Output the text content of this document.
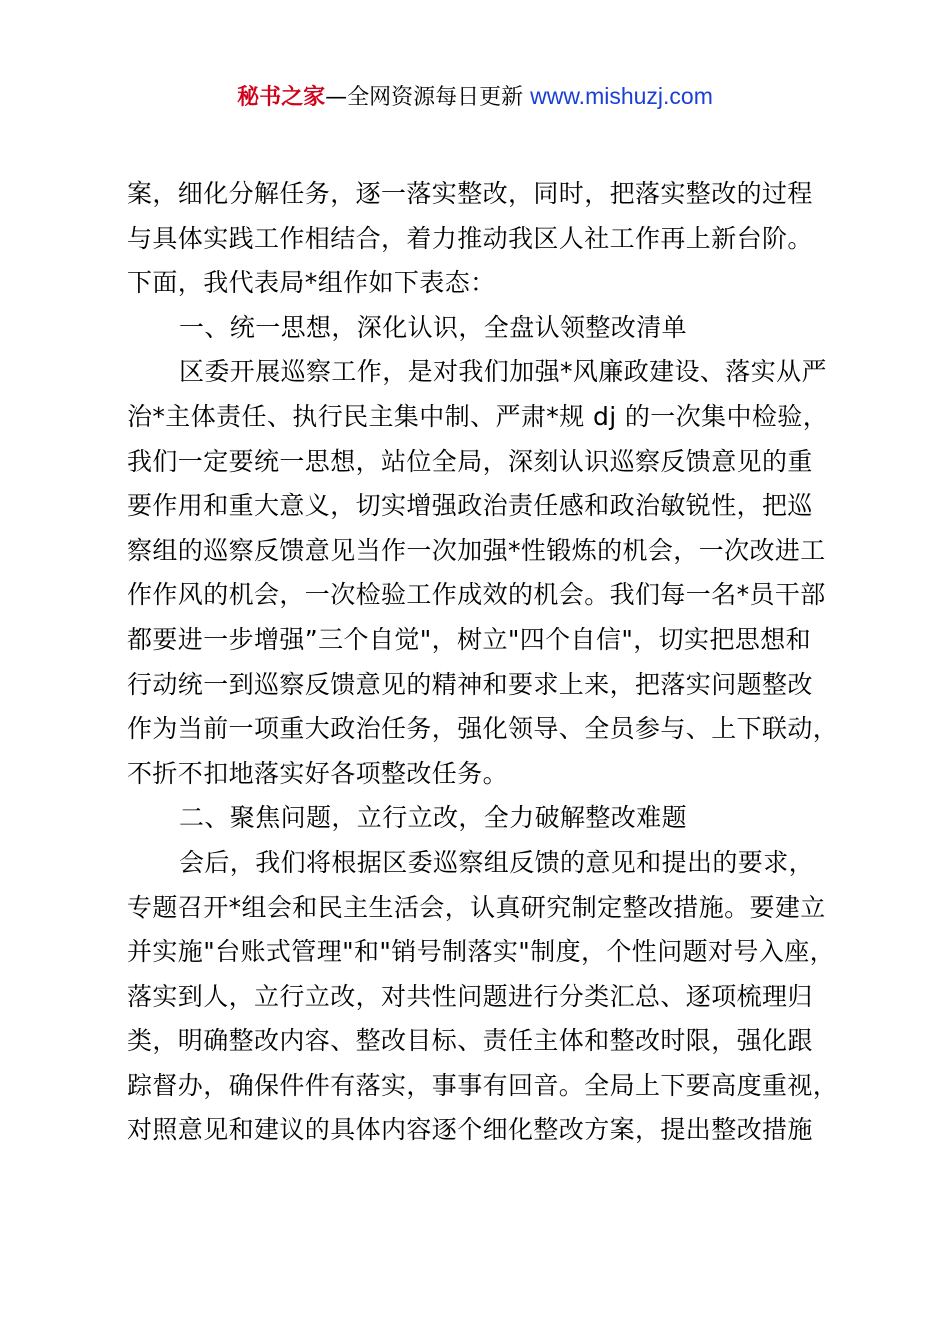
秘书之家—全网资源每日更新 www.mishuzj.com
案，细化分解任务，逐一落实整改，同时，把落实整改的过程
与具体实践工作相结合，着力推动我区人社工作再上新台阶。
下面，我代表局*组作如下表态：
一、统一思想，深化认识，全盘认领整改清单
区委开展巡察工作，是对我们加强*风廉政建设、落实从严
治*主体责任、执行民主集中制、严肃*规 dj 的一次集中检验，
我们一定要统一思想，站位全局，深刻认识巡察反馈意见的重
要作用和重大意义，切实增强政治责任感和政治敏锐性，把巡
察组的巡察反馈意见当作一次加强*性锻炼的机会，一次改进工
作作风的机会，一次检验工作成效的机会。我们每一名*员干部
都要进一步增强”三个自觉"，树立"四个自信"，切实把思想和
行动统一到巡察反馈意见的精神和要求上来，把落实问题整改
作为当前一项重大政治任务，强化领导、全员参与、上下联动，
不折不扣地落实好各项整改任务。
二、聚焦问题，立行立改，全力破解整改难题
会后，我们将根据区委巡察组反馈的意见和提出的要求，
专题召开*组会和民主生活会，认真研究制定整改措施。要建立
并实施"台账式管理"和"销号制落实"制度，个性问题对号入座，
落实到人，立行立改，对共性问题进行分类汇总、逐项梳理归
类，明确整改内容、整改目标、责任主体和整改时限，强化跟
踪督办，确保件件有落实，事事有回音。全局上下要高度重视，
对照意见和建议的具体内容逐个细化整改方案，提出整改措施
